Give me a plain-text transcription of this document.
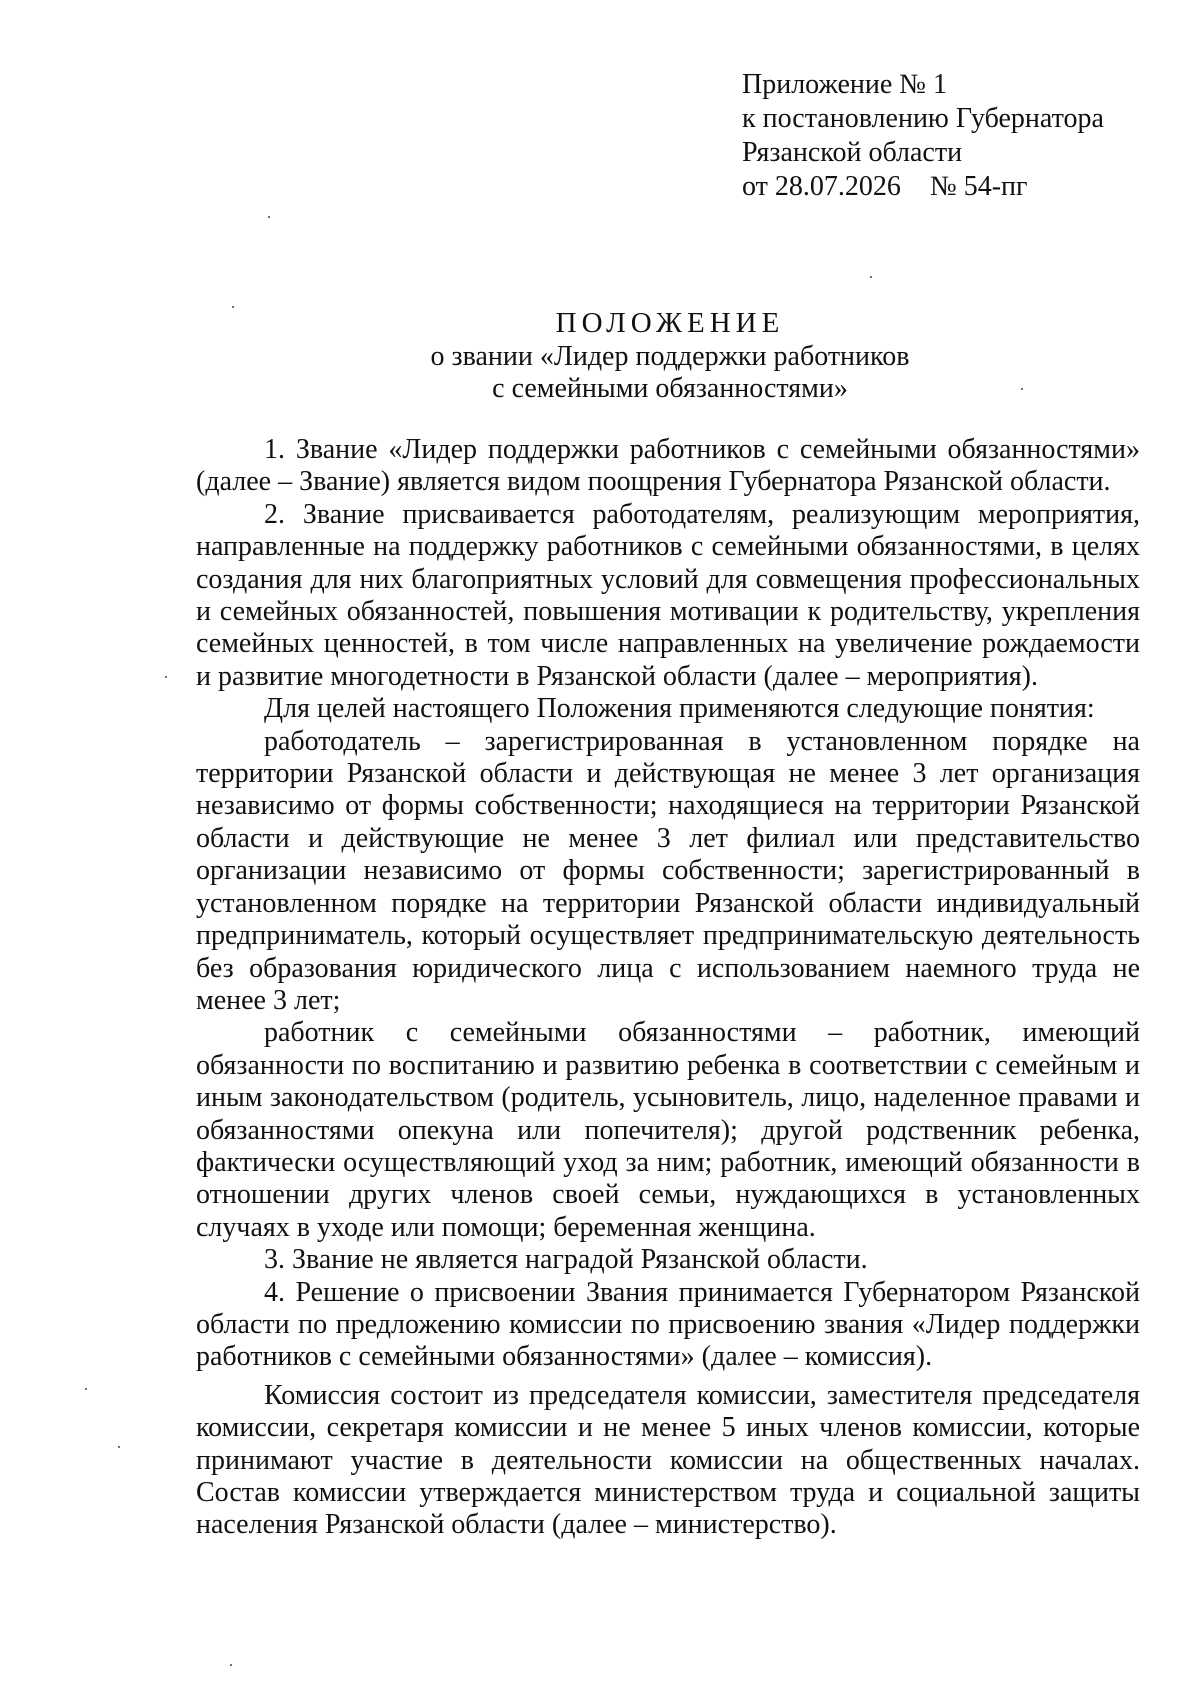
Приложение № 1
к постановлению Губернатора
Рязанской области
от 28.07.2026 № 54-пг
ПОЛОЖЕНИЕ
о звании «Лидер поддержки работников
с семейными обязанностями»

1. Звание «Лидер поддержки работников с семейными обязанностями» (далее – Звание) является видом поощрения Губернатора Рязанской области.

2. Звание присваивается работодателям, реализующим мероприятия, направленные на поддержку работников с семейными обязанностями, в целях создания для них благоприятных условий для совмещения профессиональных и семейных обязанностей, повышения мотивации к родительству, укрепления семейных ценностей, в том числе направленных на увеличение рождаемости и развитие многодетности в Рязанской области (далее – мероприятия).

Для целей настоящего Положения применяются следующие понятия:

работодатель – зарегистрированная в установленном порядке на территории Рязанской области и действующая не менее 3 лет организация независимо от формы собственности; находящиеся на территории Рязанской области и действующие не менее 3 лет филиал или представительство организации независимо от формы собственности; зарегистрированный в установленном порядке на территории Рязанской области индивидуальный предприниматель, который осуществляет предпринимательскую деятельность без образования юридического лица с использованием наемного труда не менее 3 лет;

работник с семейными обязанностями – работник, имеющий обязанности по воспитанию и развитию ребенка в соответствии с семейным и иным законодательством (родитель, усыновитель, лицо, наделенное правами и обязанностями опекуна или попечителя); другой родственник ребенка, фактически осуществляющий уход за ним; работник, имеющий обязанности в отношении других членов своей семьи, нуждающихся в установленных случаях в уходе или помощи; беременная женщина.

3. Звание не является наградой Рязанской области.

4. Решение о присвоении Звания принимается Губернатором Рязанской области по предложению комиссии по присвоению звания «Лидер поддержки работников с семейными обязанностями» (далее – комиссия).

Комиссия состоит из председателя комиссии, заместителя председателя комиссии, секретаря комиссии и не менее 5 иных членов комиссии, которые принимают участие в деятельности комиссии на общественных началах. Состав комиссии утверждается министерством труда и социальной защиты населения Рязанской области (далее – министерство).
